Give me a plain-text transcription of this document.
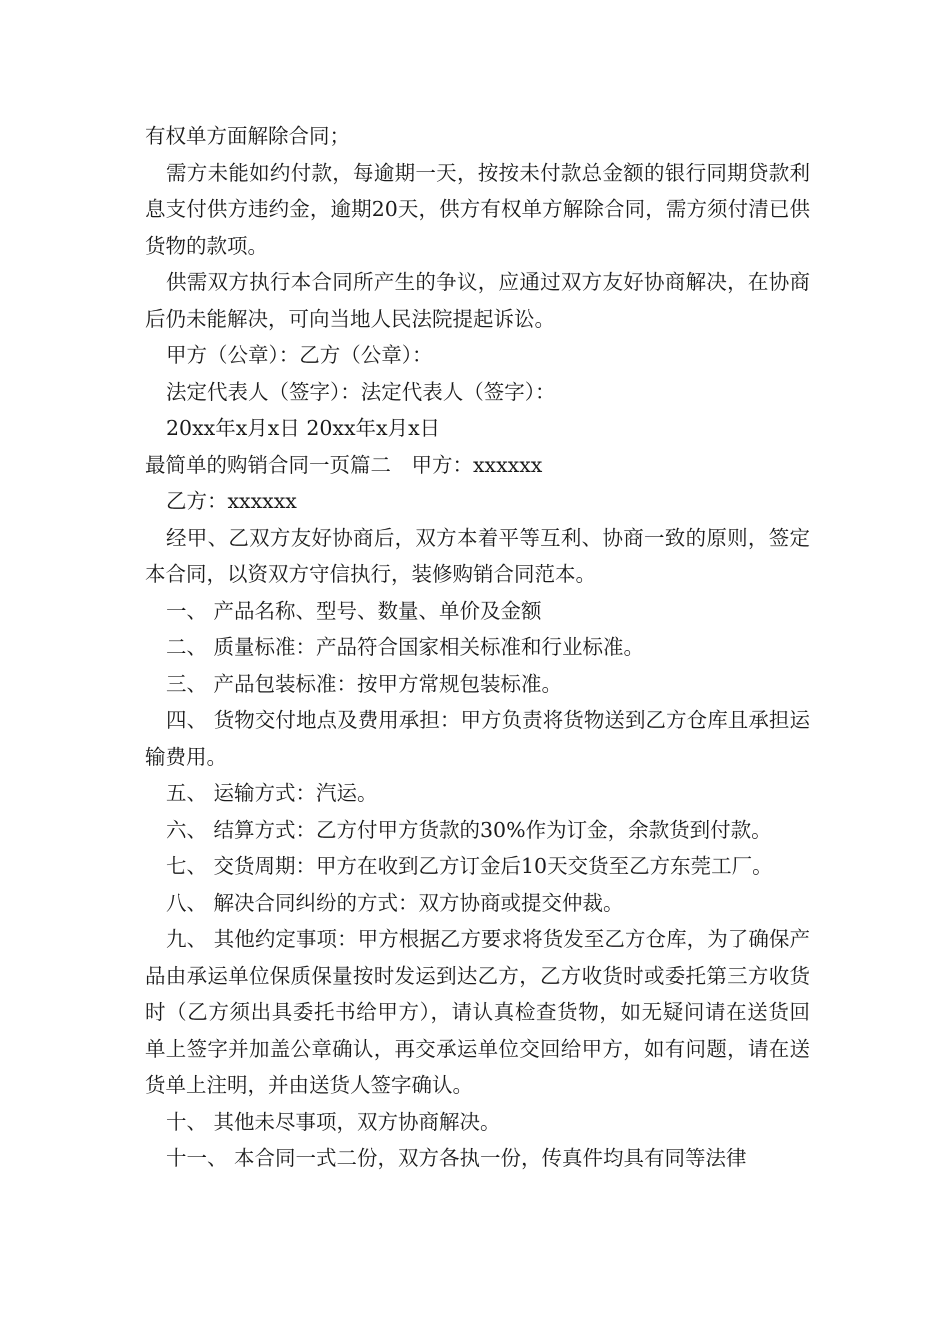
有权单方面解除合同；

需方未能如约付款，每逾期一天，按按未付款总金额的银行同期贷款利息支付供方违约金，逾期20天，供方有权单方解除合同，需方须付清已供货物的款项。

供需双方执行本合同所产生的争议，应通过双方友好协商解决，在协商后仍未能解决，可向当地人民法院提起诉讼。

甲方（公章）：乙方（公章）：

法定代表人（签字）：法定代表人（签字）：

20xx年x月x日 20xx年x月x日

最简单的购销合同一页篇二　甲方：xxxxxx

乙方：xxxxxx

经甲、乙双方友好协商后，双方本着平等互利、协商一致的原则，签定本合同，以资双方守信执行，装修购销合同范本。

一、 产品名称、型号、数量、单价及金额

二、 质量标准：产品符合国家相关标准和行业标准。

三、 产品包装标准：按甲方常规包装标准。

四、 货物交付地点及费用承担：甲方负责将货物送到乙方仓库且承担运输费用。

五、 运输方式：汽运。

六、 结算方式：乙方付甲方货款的30%作为订金，余款货到付款。

七、 交货周期：甲方在收到乙方订金后10天交货至乙方东莞工厂。

八、 解决合同纠纷的方式：双方协商或提交仲裁。

九、 其他约定事项：甲方根据乙方要求将货发至乙方仓库，为了确保产品由承运单位保质保量按时发运到达乙方，乙方收货时或委托第三方收货时（乙方须出具委托书给甲方），请认真检查货物，如无疑问请在送货回单上签字并加盖公章确认，再交承运单位交回给甲方，如有问题，请在送货单上注明，并由送货人签字确认。

十、 其他未尽事项，双方协商解决。

十一、 本合同一式二份，双方各执一份，传真件均具有同等法律
